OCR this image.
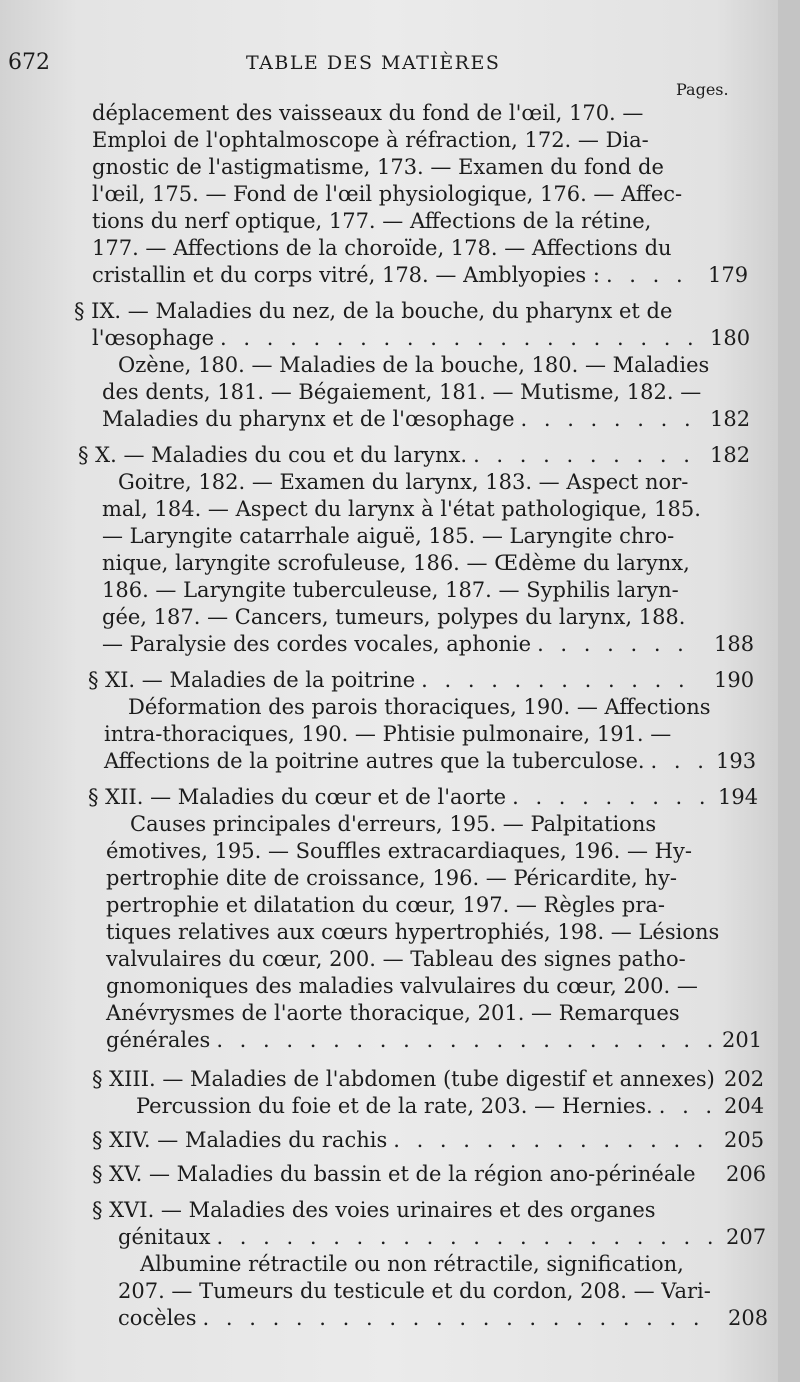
672	TABLE DES MATIÈRES
Pages.
déplacement des vaisseaux du fond de l'œil, 170. —
Emploi de l'ophtalmoscope à réfraction, 172. — Dia-
gnostic de l'astigmatisme, 173. — Examen du fond de
l'œil, 175. — Fond de l'œil physiologique, 176. — Affec-
tions du nerf optique, 177. — Affections de la rétine,
177. — Affections de la choroïde, 178. — Affections du
cristallin et du corps vitré, 178. — Amblyopies : . . .	179
§ IX. — Maladies du nez, de la bouche, du pharynx et de
l'œsophage . . .	180
Ozène, 180. — Maladies de la bouche, 180. — Maladies
des dents, 181. — Bégaiement, 181. — Mutisme, 182. —
Maladies du pharynx et de l'œsophage . . .	182
§ X. — Maladies du cou et du larynx. . . .	182
Goitre, 182. — Examen du larynx, 183. — Aspect nor-
mal, 184. — Aspect du larynx à l'état pathologique, 185.
— Laryngite catarrhale aiguë, 185. — Laryngite chro-
nique, laryngite scrofuleuse, 186. — Œdème du larynx,
186. — Laryngite tuberculeuse, 187. — Syphilis laryn-
gée, 187. — Cancers, tumeurs, polypes du larynx, 188.
— Paralysie des cordes vocales, aphonie . . .	188
§ XI. — Maladies de la poitrine . . .	190
Déformation des parois thoraciques, 190. — Affections
intra-thoraciques, 190. — Phtisie pulmonaire, 191. —
Affections de la poitrine autres que la tuberculose. . . .	193
§ XII. — Maladies du cœur et de l'aorte . . .	194
Causes principales d'erreurs, 195. — Palpitations
émotives, 195. — Souffles extracardiaques, 196. — Hy-
pertrophie dite de croissance, 196. — Péricardite, hy-
pertrophie et dilatation du cœur, 197. — Règles pra-
tiques relatives aux cœurs hypertrophiés, 198. — Lésions
valvulaires du cœur, 200. — Tableau des signes patho-
gnomoniques des maladies valvulaires du cœur, 200. —
Anévrysmes de l'aorte thoracique, 201. — Remarques
générales . . .	201
§ XIII. — Maladies de l'abdomen (tube digestif et annexes) 202
Percussion du foie et de la rate, 203. — Hernies. . . .	204
§ XIV. — Maladies du rachis . . .	205
§ XV. — Maladies du bassin et de la région ano-périnéale 206
§ XVI. — Maladies des voies urinaires et des organes
génitaux . . .	207
Albumine rétractile ou non rétractile, signification,
207. — Tumeurs du testicule et du cordon, 208. — Vari-
cocèles . . .	208
